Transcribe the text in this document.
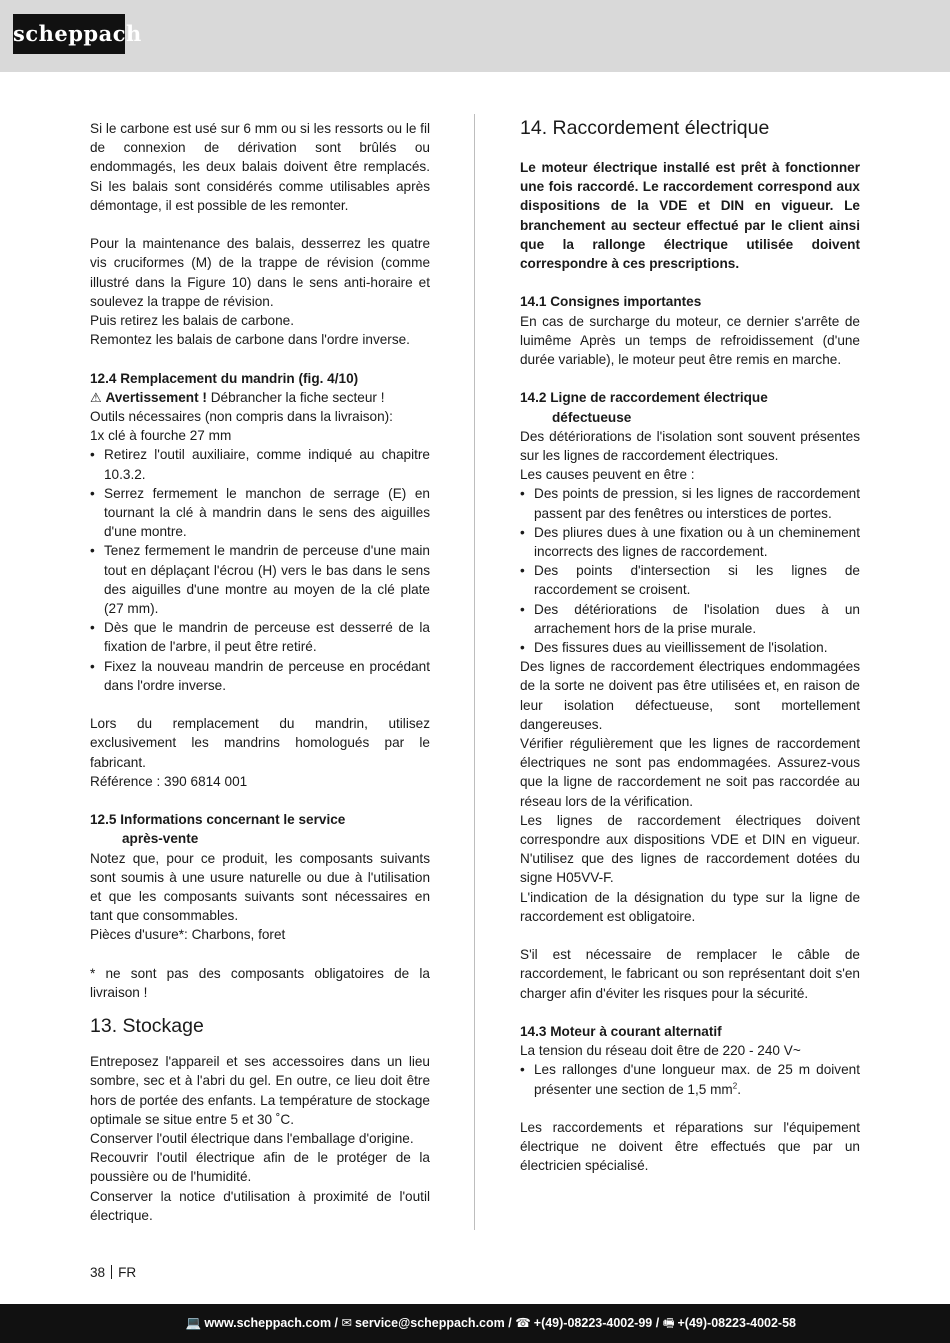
scheppach

Si le carbone est usé sur 6 mm ou si les ressorts ou le fil de connexion de dérivation sont brûlés ou endommagés, les deux balais doivent être remplacés. Si les balais sont considérés comme utilisables après démontage, il est possible de les remonter.

Pour la maintenance des balais, desserrez les quatre vis cruciformes (M) de la trappe de révision (comme illustré dans la Figure 10) dans le sens anti-horaire et soulevez la trappe de révision.

Puis retirez les balais de carbone.

Remontez les balais de carbone dans l'ordre inverse.

12.4 Remplacement du mandrin (fig. 4/10)

⚠ Avertissement ! Débrancher la fiche secteur !

Outils nécessaires (non compris dans la livraison):

1x clé à fourche 27 mm

• Retirez l'outil auxiliaire, comme indiqué au chapitre 10.3.2.
• Serrez fermement le manchon de serrage (E) en tournant la clé à mandrin dans le sens des aiguilles d'une montre.
• Tenez fermement le mandrin de perceuse d'une main tout en déplaçant l'écrou (H) vers le bas dans le sens des aiguilles d'une montre au moyen de la clé plate (27 mm).
• Dès que le mandrin de perceuse est desserré de la fixation de l'arbre, il peut être retiré.
• Fixez la nouveau mandrin de perceuse en procédant dans l'ordre inverse.

Lors du remplacement du mandrin, utilisez exclusivement les mandrins homologués par le fabricant.

Référence : 390 6814 001

12.5 Informations concernant le service

après-vente

Notez que, pour ce produit, les composants suivants sont soumis à une usure naturelle ou due à l'utilisation et que les composants suivants sont nécessaires en tant que consommables.

Pièces d'usure*: Charbons, foret

* ne sont pas des composants obligatoires de la livraison !

13. Stockage

Entreposez l'appareil et ses accessoires dans un lieu sombre, sec et à l'abri du gel. En outre, ce lieu doit être hors de portée des enfants. La température de stockage optimale se situe entre 5 et 30 ˚C.

Conserver l'outil électrique dans l'emballage d'origine.

Recouvrir l'outil électrique afin de le protéger de la poussière ou de l'humidité.

Conserver la notice d'utilisation à proximité de l'outil électrique.

14. Raccordement électrique

Le moteur électrique installé est prêt à fonctionner une fois raccordé. Le raccordement correspond aux dispositions de la VDE et DIN en vigueur. Le branchement au secteur effectué par le client ainsi que la rallonge électrique utilisée doivent correspondre à ces prescriptions.

14.1 Consignes importantes

En cas de surcharge du moteur, ce dernier s'arrête de luimême Après un temps de refroidissement (d'une durée variable), le moteur peut être remis en marche.

14.2 Ligne de raccordement électrique

défectueuse

Des détériorations de l'isolation sont souvent présentes sur les lignes de raccordement électriques.

Les causes peuvent en être :

• Des points de pression, si les lignes de raccordement passent par des fenêtres ou interstices de portes.
• Des pliures dues à une fixation ou à un cheminement incorrects des lignes de raccordement.
• Des points d'intersection si les lignes de raccordement se croisent.
• Des détériorations de l'isolation dues à un arrachement hors de la prise murale.
• Des fissures dues au vieillissement de l'isolation.

Des lignes de raccordement électriques endommagées de la sorte ne doivent pas être utilisées et, en raison de leur isolation défectueuse, sont mortellement dangereuses.

Vérifier régulièrement que les lignes de raccordement électriques ne sont pas endommagées. Assurez-vous que la ligne de raccordement ne soit pas raccordée au réseau lors de la vérification.

Les lignes de raccordement électriques doivent correspondre aux dispositions VDE et DIN en vigueur. N'utilisez que des lignes de raccordement dotées du signe H05VV-F.

L'indication de la désignation du type sur la ligne de raccordement est obligatoire.

S'il est nécessaire de remplacer le câble de raccordement, le fabricant ou son représentant doit s'en charger afin d'éviter les risques pour la sécurité.

14.3 Moteur à courant alternatif

La tension du réseau doit être de 220 - 240 V~

• Les rallonges d'une longueur max. de 25 m doivent présenter une section de 1,5 $mm^2$.

Les raccordements et réparations sur l'équipement électrique ne doivent être effectués que par un électricien spécialisé.

38 FR
💻 www.scheppach.com / ✉ service@scheppach.com / ☎ +(49)-08223-4002-99 / 🖷 +(49)-08223-4002-58
